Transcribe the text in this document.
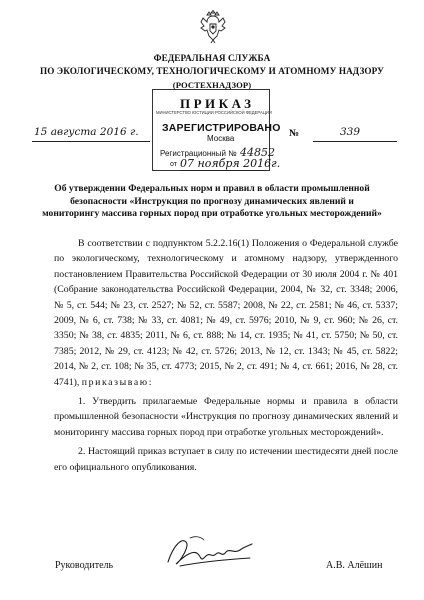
ФЕДЕРАЛЬНАЯ СЛУЖБА
ПО ЭКОЛОГИЧЕСКОМУ, ТЕХНОЛОГИЧЕСКОМУ И АТОМНОМУ НАДЗОРУ
(РОСТЕХНАДЗОР)
ПРИКАЗ
МИНИСТЕРСТВО ЮСТИЦИИ РОССИЙСКОЙ ФЕДЕРАЦИИ
ЗАРЕГИСТРИРОВАНО
Москва
Регистрационный № 44852
от 07 ноября 2016г.
15 августа 2016 г.	№	339
Об утверждении Федеральных норм и правил в области промышленной безопасности «Инструкция по прогнозу динамических явлений и мониторингу массива горных пород при отработке угольных месторождений»

В соответствии с подпунктом 5.2.2.16(1) Положения о Федеральной службе по экологическому, технологическому и атомному надзору, утвержденного постановлением Правительства Российской Федерации от 30 июля 2004 г. № 401 (Собрание законодательства Российской Федерации, 2004, № 32, ст. 3348; 2006, № 5, ст. 544; № 23, ст. 2527; № 52, ст. 5587; 2008, № 22, ст. 2581; № 46, ст. 5337; 2009, № 6, ст. 738; № 33, ст. 4081; № 49, ст. 5976; 2010, № 9, ст. 960; № 26, ст. 3350; № 38, ст. 4835; 2011, № 6, ст. 888; № 14, ст. 1935; № 41, ст. 5750; № 50, ст. 7385; 2012, № 29, ст. 4123; № 42, ст. 5726; 2013, № 12, ст. 1343; № 45, ст. 5822; 2014, № 2, ст. 108; № 35, ст. 4773; 2015, № 2, ст. 491; № 4, ст. 661; 2016, № 28, ст. 4741), приказываю:

1. Утвердить прилагаемые Федеральные нормы и правила в области промышленной безопасности «Инструкция по прогнозу динамических явлений и мониторингу массива горных пород при отработке угольных месторождений».

2. Настоящий приказ вступает в силу по истечении шестидесяти дней после его официального опубликования.

Руководитель	А.В. Алёшин
